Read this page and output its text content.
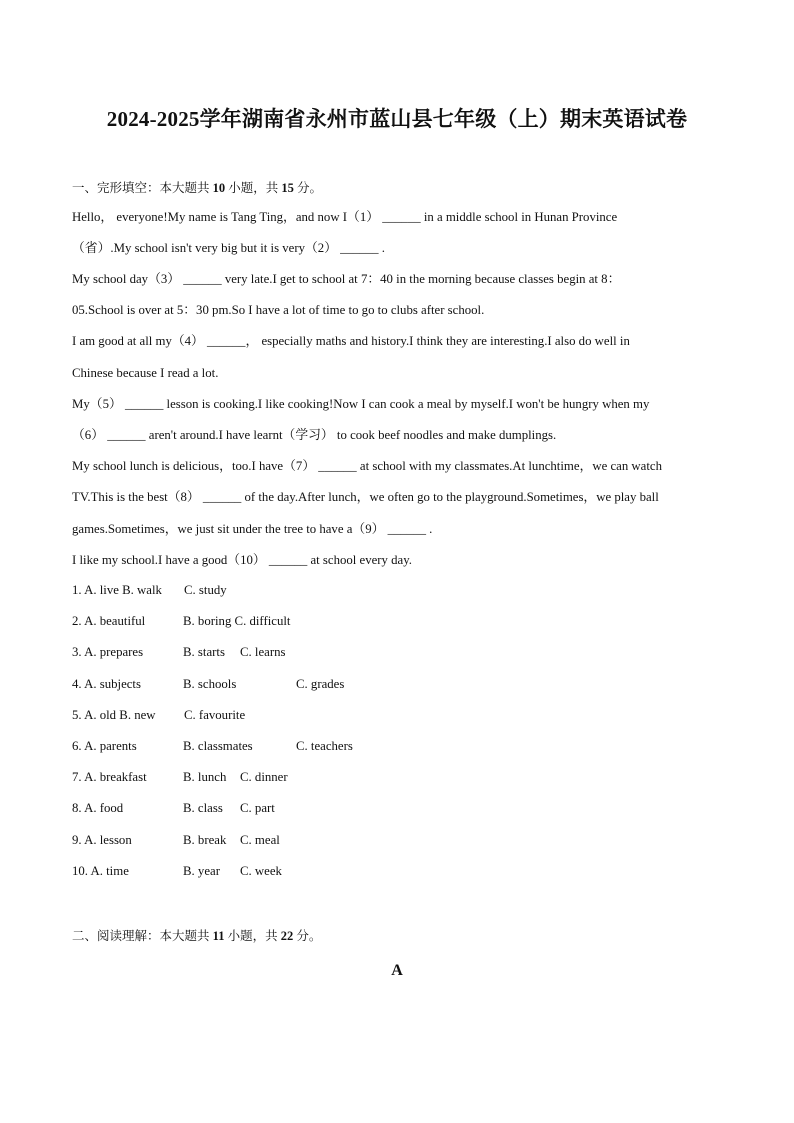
2024-2025学年湖南省永州市蓝山县七年级（上）期末英语试卷
一、完形填空：本大题共 10 小题，共 15 分。
Hello， everyone!My name is Tang Ting，and now I（1） ______ in a middle school in Hunan Province
（省）.My school isn't very big but it is very（2） ______ .
My school day（3） ______ very late.I get to school at 7：40 in the morning because classes begin at 8：
05.School is over at 5：30 pm.So I have a lot of time to go to clubs after school.
I am good at all my（4） ______， especially maths and history.I think they are interesting.I also do well in
Chinese because I read a lot.
My（5） ______ lesson is cooking.I like cooking!Now I can cook a meal by myself.I won't be hungry when my
（6） ______ aren't around.I have learnt（学习） to cook beef noodles and make dumplings.
My school lunch is delicious，too.I have（7） ______ at school with my classmates.At lunchtime，we can watch
TV.This is the best（8） ______ of the day.After lunch，we often go to the playground.Sometimes，we play ball
games.Sometimes，we just sit under the tree to have a（9） ______ .
I like my school.I have a good（10） ______ at school every day.
1. A. live B. walk C. study
2. A. beautiful	B. boring C. difficult
3. A. prepares	B. starts C. learns
4. A. subjects	B. schools	C. grades
5. A. old B. new C. favourite
6. A. parents	B. classmates	C. teachers
7. A. breakfast	B. lunch C. dinner
8. A. food	B. class C. part
9. A. lesson	B. break C. meal
10. A. time	B. year C. week
二、阅读理解：本大题共 11 小题，共 22 分。
A
